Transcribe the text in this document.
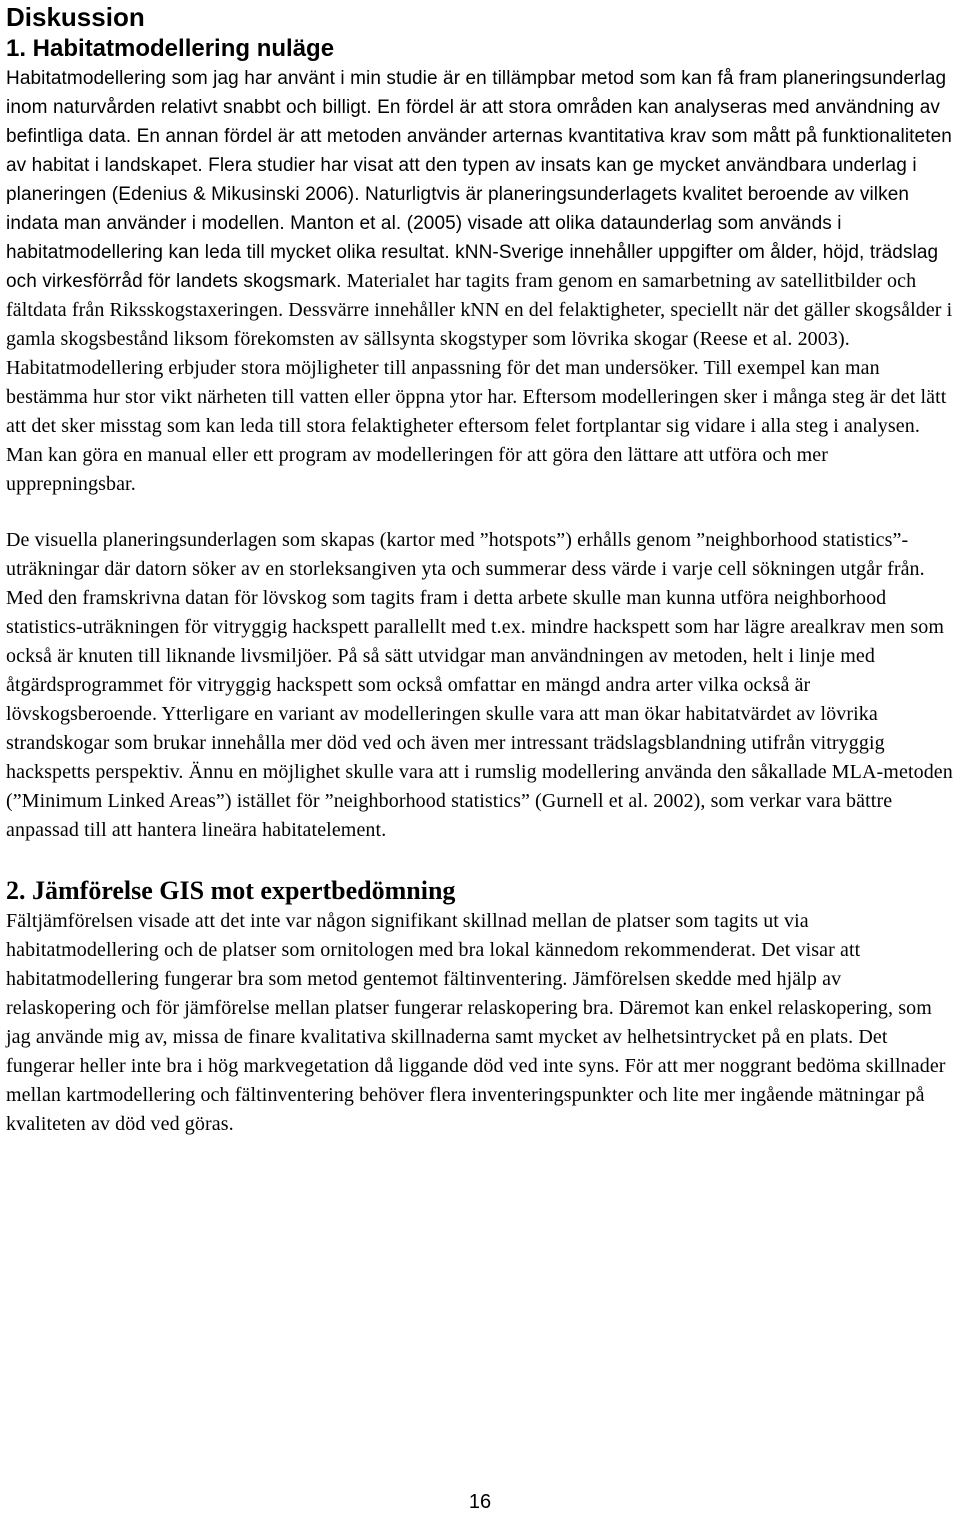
Diskussion
1. Habitatmodellering nuläge

Habitatmodellering som jag har använt i min studie är en tillämpbar metod som kan få fram planeringsunderlag inom naturvården relativt snabbt och billigt. En fördel är att stora områden kan analyseras med användning av befintliga data. En annan fördel är att metoden använder arternas kvantitativa krav som mått på funktionaliteten av habitat i landskapet. Flera studier har visat att den typen av insats kan ge mycket användbara underlag i planeringen (Edenius & Mikusinski 2006). Naturligtvis är planeringsunderlagets kvalitet beroende av vilken indata man använder i modellen. Manton et al. (2005) visade att olika dataunderlag som används i habitatmodellering kan leda till mycket olika resultat. kNN-Sverige innehåller uppgifter om ålder, höjd, trädslag och virkesförråd för landets skogsmark. Materialet har tagits fram genom en samarbetning av satellitbilder och fältdata från Riksskogstaxeringen. Dessvärre innehåller kNN en del felaktigheter, speciellt när det gäller skogsålder i gamla skogsbestånd liksom förekomsten av sällsynta skogstyper som lövrika skogar (Reese et al. 2003). Habitatmodellering erbjuder stora möjligheter till anpassning för det man undersöker. Till exempel kan man bestämma hur stor vikt närheten till vatten eller öppna ytor har. Eftersom modelleringen sker i många steg är det lätt att det sker misstag som kan leda till stora felaktigheter eftersom felet fortplantar sig vidare i alla steg i analysen. Man kan göra en manual eller ett program av modelleringen för att göra den lättare att utföra och mer upprepningsbar.

De visuella planeringsunderlagen som skapas (kartor med ”hotspots”) erhålls genom ”neighborhood statistics”-uträkningar där datorn söker av en storleksangiven yta och summerar dess värde i varje cell sökningen utgår från. Med den framskrivna datan för lövskog som tagits fram i detta arbete skulle man kunna utföra neighborhood statistics-uträkningen för vitryggig hackspett parallellt med t.ex. mindre hackspett som har lägre arealkrav men som också är knuten till liknande livsmiljöer. På så sätt utvidgar man användningen av metoden, helt i linje med åtgärdsprogrammet för vitryggig hackspett som också omfattar en mängd andra arter vilka också är lövskogsberoende. Ytterligare en variant av modelleringen skulle vara att man ökar habitatvärdet av lövrika strandskogar som brukar innehålla mer död ved och även mer intressant trädslagsblandning utifrån vitryggig hackspetts perspektiv. Ännu en möjlighet skulle vara att i rumslig modellering använda den såkallade MLA-metoden (”Minimum Linked Areas”) istället för ”neighborhood statistics” (Gurnell et al. 2002), som verkar vara bättre anpassad till att hantera lineära habitatelement.

2. Jämförelse GIS mot expertbedömning

Fältjämförelsen visade att det inte var någon signifikant skillnad mellan de platser som tagits ut via habitatmodellering och de platser som ornitologen med bra lokal kännedom rekommenderat. Det visar att habitatmodellering fungerar bra som metod gentemot fältinventering. Jämförelsen skedde med hjälp av relaskopering och för jämförelse mellan platser fungerar relaskopering bra. Däremot kan enkel relaskopering, som jag använde mig av, missa de finare kvalitativa skillnaderna samt mycket av helhetsintrycket på en plats. Det fungerar heller inte bra i hög markvegetation då liggande död ved inte syns. För att mer noggrant bedöma skillnader mellan kartmodellering och fältinventering behöver flera inventeringspunkter och lite mer ingående mätningar på kvaliteten av död ved göras.

16
